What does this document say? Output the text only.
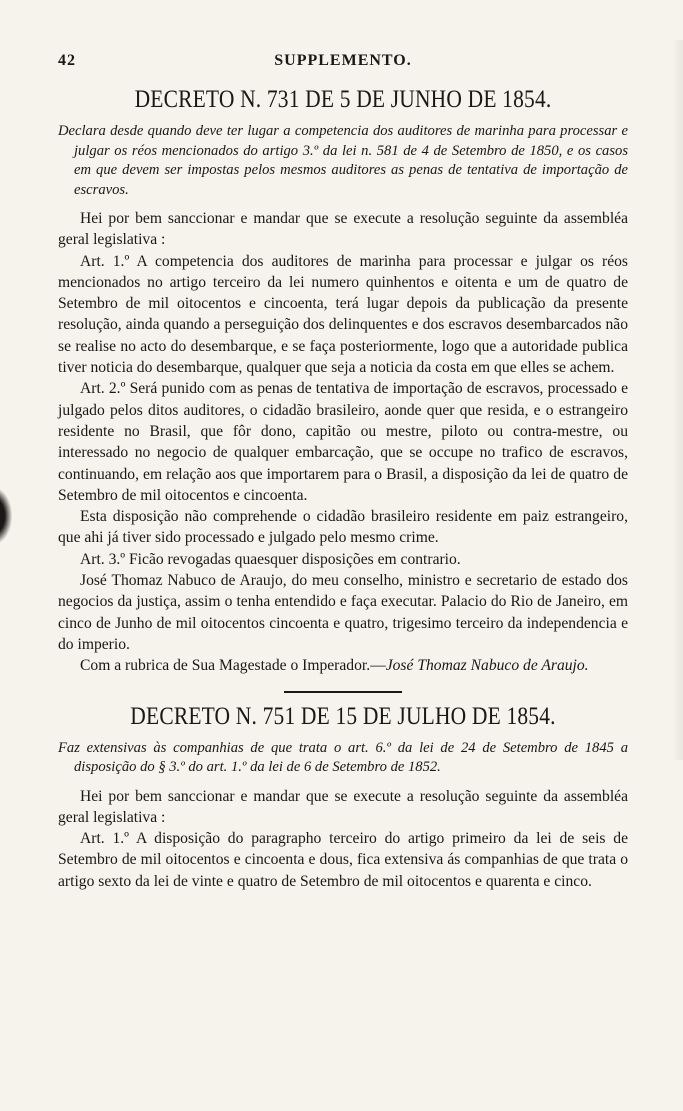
42	SUPPLEMENTO.
DECRETO N. 731 DE 5 DE JUNHO DE 1854.
Declara desde quando deve ter lugar a competencia dos auditores de marinha para processar e julgar os réos mencionados do artigo 3.º da lei n. 581 de 4 de Setembro de 1850, e os casos em que devem ser impostas pelos mesmos auditores as penas de tentativa de importação de escravos.

Hei por bem sanccionar e mandar que se execute a resolução seguinte da assembléa geral legislativa :

Art. 1.º A competencia dos auditores de marinha para processar e julgar os réos mencionados no artigo terceiro da lei numero quinhentos e oitenta e um de quatro de Setembro de mil oitocentos e cincoenta, terá lugar depois da publicação da presente resolução, ainda quando a perseguição dos delinquentes e dos escravos desembarcados não se realise no acto do desembarque, e se faça posteriormente, logo que a autoridade publica tiver noticia do desembarque, qualquer que seja a noticia da costa em que elles se achem.

Art. 2.º Será punido com as penas de tentativa de importação de escravos, processado e julgado pelos ditos auditores, o cidadão brasileiro, aonde quer que resida, e o estrangeiro residente no Brasil, que fôr dono, capitão ou mestre, piloto ou contra-mestre, ou interessado no negocio de qualquer embarcação, que se occupe no trafico de escravos, continuando, em relação aos que importarem para o Brasil, a disposição da lei de quatro de Setembro de mil oitocentos e cincoenta.

Esta disposição não comprehende o cidadão brasileiro residente em paiz estrangeiro, que ahi já tiver sido processado e julgado pelo mesmo crime.

Art. 3.º Ficão revogadas quaesquer disposições em contrario.

José Thomaz Nabuco de Araujo, do meu conselho, ministro e secretario de estado dos negocios da justiça, assim o tenha entendido e faça executar. Palacio do Rio de Janeiro, em cinco de Junho de mil oitocentos cincoenta e quatro, trigesimo terceiro da independencia e do imperio.

Com a rubrica de Sua Magestade o Imperador.—José Thomaz Nabuco de Araujo.

DECRETO N. 751 DE 15 DE JULHO DE 1854.
Faz extensivas às companhias de que trata o art. 6.º da lei de 24 de Setembro de 1845 a disposição do § 3.º do art. 1.º da lei de 6 de Setembro de 1852.

Hei por bem sanccionar e mandar que se execute a resolução seguinte da assembléa geral legislativa :

Art. 1.º A disposição do paragrapho terceiro do artigo primeiro da lei de seis de Setembro de mil oitocentos e cincoenta e dous, fica extensiva ás companhias de que trata o artigo sexto da lei de vinte e quatro de Setembro de mil oitocentos e quarenta e cinco.
